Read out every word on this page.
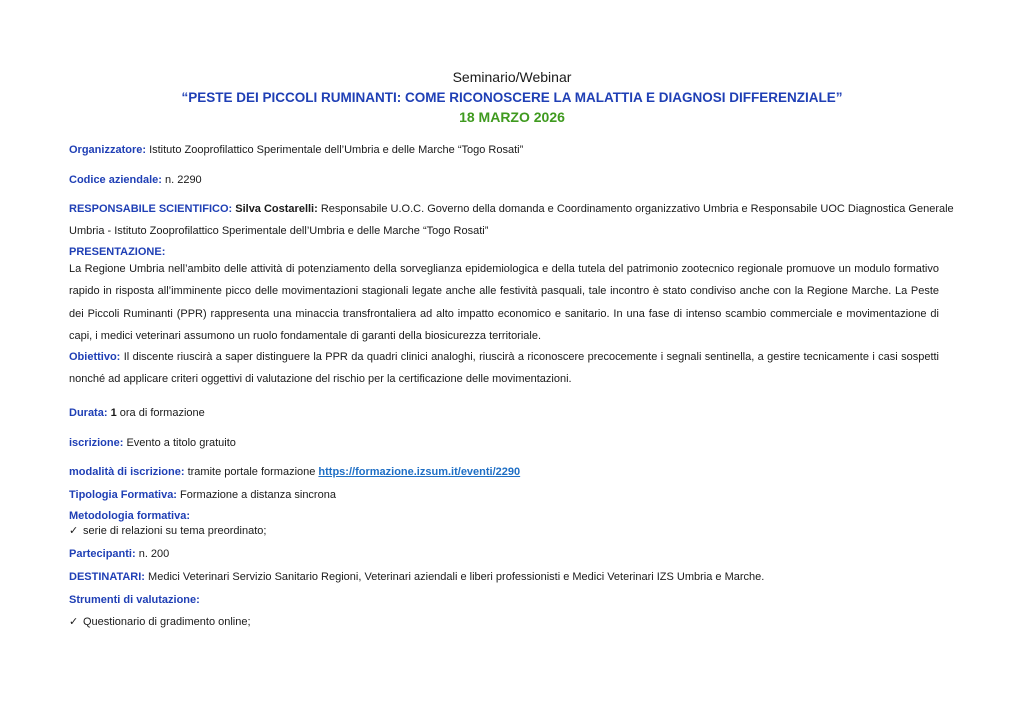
Seminario/Webinar
“PESTE DEI PICCOLI RUMINANTI: COME RICONOSCERE LA MALATTIA E DIAGNOSI DIFFERENZIALE”
18 MARZO 2026
Organizzatore: Istituto Zooprofilattico Sperimentale dell’Umbria e delle Marche “Togo Rosati”
Codice aziendale: n. 2290
RESPONSABILE SCIENTIFICO: Silva Costarelli: Responsabile U.O.C. Governo della domanda e Coordinamento organizzativo Umbria e Responsabile UOC Diagnostica Generale
Umbria - Istituto Zooprofilattico Sperimentale dell’Umbria e delle Marche “Togo Rosati”
PRESENTAZIONE:
La Regione Umbria nell’ambito delle attività di potenziamento della sorveglianza epidemiologica e della tutela del patrimonio zootecnico regionale promuove un modulo formativo rapido in risposta all’imminente picco delle movimentazioni stagionali legate anche alle festività pasquali, tale incontro è stato condiviso anche con la Regione Marche. La Peste dei Piccoli Ruminanti (PPR) rappresenta una minaccia transfrontaliera ad alto impatto economico e sanitario. In una fase di intenso scambio commerciale e movimentazione di capi, i medici veterinari assumono un ruolo fondamentale di garanti della biosicurezza territoriale.
Obiettivo: Il discente riuscirà a saper distinguere la PPR da quadri clinici analoghi, riuscirà a riconoscere precocemente i segnali sentinella, a gestire tecnicamente i casi sospetti nonché ad applicare criteri oggettivi di valutazione del rischio per la certificazione delle movimentazioni.
Durata: 1 ora di formazione
iscrizione: Evento a titolo gratuito
modalità di iscrizione: tramite portale formazione https://formazione.izsum.it/eventi/2290
Tipologia Formativa: Formazione a distanza sincrona
Metodologia formativa:
✓ serie di relazioni su tema preordinato;
Partecipanti: n. 200
DESTINATARI: Medici Veterinari Servizio Sanitario Regioni, Veterinari aziendali e liberi professionisti e Medici Veterinari IZS Umbria e Marche.
Strumenti di valutazione:
✓ Questionario di gradimento online;
